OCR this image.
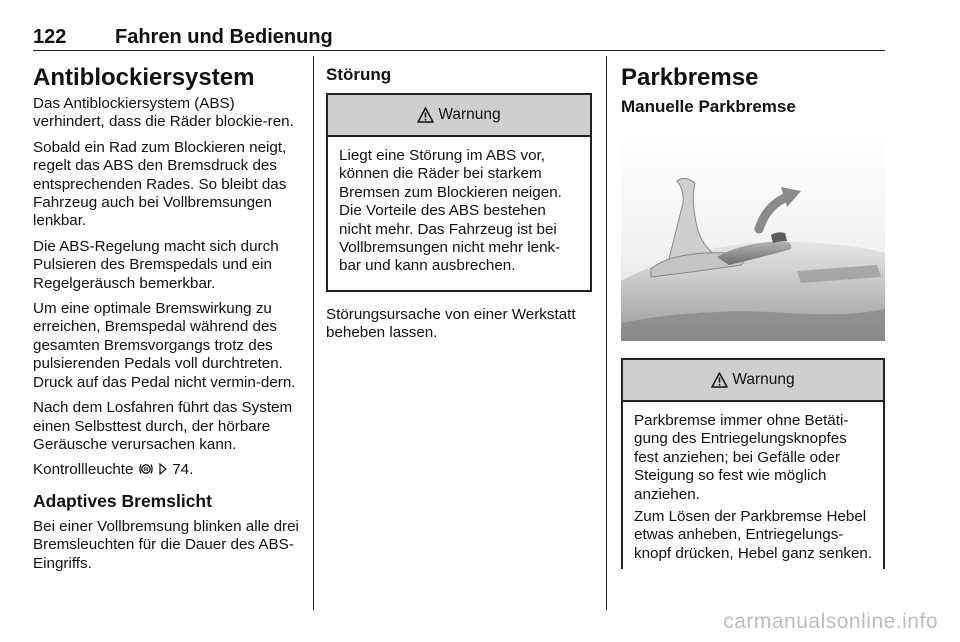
122 Fahren und Bedienung
Antiblockiersystem

Das Antiblockiersystem (ABS) verhindert, dass die Räder blockie-ren.

Sobald ein Rad zum Blockieren neigt, regelt das ABS den Bremsdruck des entsprechenden Rades. So bleibt das Fahrzeug auch bei Vollbremsungen lenkbar.

Die ABS-Regelung macht sich durch Pulsieren des Bremspedals und ein Regelgeräusch bemerkbar.

Um eine optimale Bremswirkung zu erreichen, Bremspedal während des gesamten Bremsvorgangs trotz des pulsierenden Pedals voll durchtreten. Druck auf das Pedal nicht vermin-dern.

Nach dem Losfahren führt das System einen Selbsttest durch, der hörbare Geräusche verursachen kann.

Kontrollleuchte	74.

Adaptives Bremslicht

Bei einer Vollbremsung blinken alle drei Bremsleuchten für die Dauer des ABS-Eingriffs.

Störung
Warnung

Liegt eine Störung im ABS vor, können die Räder bei starkem Bremsen zum Blockieren neigen. Die Vorteile des ABS bestehen nicht mehr. Das Fahrzeug ist bei Vollbremsungen nicht mehr lenk-bar und kann ausbrechen.

Störungsursache von einer Werkstatt beheben lassen.

Parkbremse
Manuelle Parkbremse
Warnung

Parkbremse immer ohne Betäti-gung des Entriegelungsknopfes fest anziehen; bei Gefälle oder Steigung so fest wie möglich anziehen.

Zum Lösen der Parkbremse Hebel etwas anheben, Entriegelungs-knopf drücken, Hebel ganz senken.

carmanualsonline.info
